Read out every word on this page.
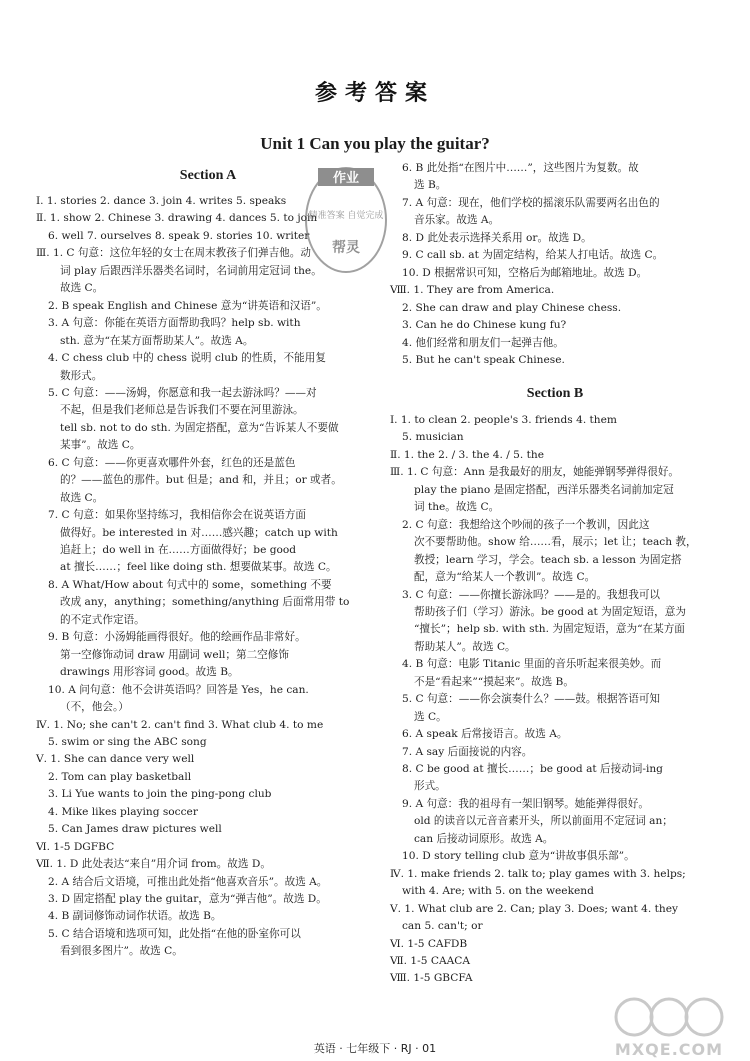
参考答案
Unit 1 Can you play the guitar?
Section A
Ⅰ. 1. stories 2. dance 3. join 4. writes 5. speaks
Ⅱ. 1. show 2. Chinese 3. drawing 4. dances 5. to join
6. well 7. ourselves 8. speak 9. stories 10. writer
Ⅲ. 1. C 句意：这位年轻的女士在周末教孩子们弹吉他。动
词 play 后跟西洋乐器类名词时，名词前用定冠词 the。
故选 C。
2. B speak English and Chinese 意为“讲英语和汉语”。
3. A 句意：你能在英语方面帮助我吗？help sb. with
sth. 意为“在某方面帮助某人”。故选 A。
4. C chess club 中的 chess 说明 club 的性质，不能用复
数形式。
5. C 句意：——汤姆，你愿意和我一起去游泳吗？——对
不起，但是我们老师总是告诉我们不要在河里游泳。
tell sb. not to do sth. 为固定搭配，意为“告诉某人不要做
某事”。故选 C。
6. C 句意：——你更喜欢哪件外套，红色的还是蓝色
的？——蓝色的那件。but 但是；and 和，并且；or 或者。
故选 C。
7. C 句意：如果你坚持练习，我相信你会在说英语方面
做得好。be interested in 对……感兴趣；catch up with
追赶上；do well in 在……方面做得好；be good
at 擅长……；feel like doing sth. 想要做某事。故选 C。
8. A What/How about 句式中的 some，something 不要
改成 any，anything；something/anything 后面常用带 to
的不定式作定语。
9. B 句意：小汤姆能画得很好。他的绘画作品非常好。
第一空修饰动词 draw 用副词 well；第二空修饰
drawings 用形容词 good。故选 B。
10. A 问句意：他不会讲英语吗？回答是 Yes，he can.
（不，他会。）
Ⅳ. 1. No; she can't 2. can't find 3. What club 4. to me
5. swim or sing the ABC song
Ⅴ. 1. She can dance very well
2. Tom can play basketball
3. Li Yue wants to join the ping-pong club
4. Mike likes playing soccer
5. Can James draw pictures well
Ⅵ. 1-5 DGFBC
Ⅶ. 1. D 此处表达“来自”用介词 from。故选 D。
2. A 结合后文语境，可推出此处指“他喜欢音乐”。故选 A。
3. D 固定搭配 play the guitar，意为“弹吉他”。故选 D。
4. B 副词修饰动词作状语。故选 B。
5. C 结合语境和选项可知，此处指“在他的卧室你可以
看到很多图片”。故选 C。
6. B 此处指“在图片中……”，这些图片为复数。故
选 B。
7. A 句意：现在，他们学校的摇滚乐队需要两名出色的
音乐家。故选 A。
8. D 此处表示选择关系用 or。故选 D。
9. C call sb. at 为固定结构，给某人打电话。故选 C。
10. D 根据常识可知，空格后为邮箱地址。故选 D。
Ⅷ. 1. They are from America.
2. She can draw and play Chinese chess.
3. Can he do Chinese kung fu?
4. 他们经常和朋友们一起弹吉他。
5. But he can't speak Chinese.
Section B
Ⅰ. 1. to clean 2. people's 3. friends 4. them
5. musician
Ⅱ. 1. the 2. / 3. the 4. / 5. the
Ⅲ. 1. C 句意：Ann 是我最好的朋友，她能弹钢琴弹得很好。
play the piano 是固定搭配，西洋乐器类名词前加定冠
词 the。故选 C。
2. C 句意：我想给这个吵闹的孩子一个教训，因此这
次不要帮助他。show 给……看，展示；let 让；teach 教，
教授；learn 学习，学会。teach sb. a lesson 为固定搭
配，意为“给某人一个教训”。故选 C。
3. C 句意：——你擅长游泳吗？——是的。我想我可以
帮助孩子们（学习）游泳。be good at 为固定短语，意为
“擅长”；help sb. with sth. 为固定短语，意为“在某方面
帮助某人”。故选 C。
4. B 句意：电影 Titanic 里面的音乐听起来很美妙。而
不是“看起来”“摸起来”。故选 B。
5. C 句意：——你会演奏什么？——鼓。根据答语可知
选 C。
6. A speak 后常接语言。故选 A。
7. A say 后面接说的内容。
8. C be good at 擅长……；be good at 后接动词-ing
形式。
9. A 句意：我的祖母有一架旧钢琴。她能弹得很好。
old 的读音以元音音素开头，所以前面用不定冠词 an；
can 后接动词原形。故选 A。
10. D story telling club 意为“讲故事俱乐部”。
Ⅳ. 1. make friends 2. talk to; play games with 3. helps;
with 4. Are; with 5. on the weekend
Ⅴ. 1. What club are 2. Can; play 3. Does; want 4. they
can 5. can't; or
Ⅵ. 1-5 CAFDB
Ⅶ. 1-5 CAACA
Ⅷ. 1-5 GBCFA
作业
精准答案 自觉完成
帮灵
英语 · 七年级下 · RJ · 01	MXQE.COM
